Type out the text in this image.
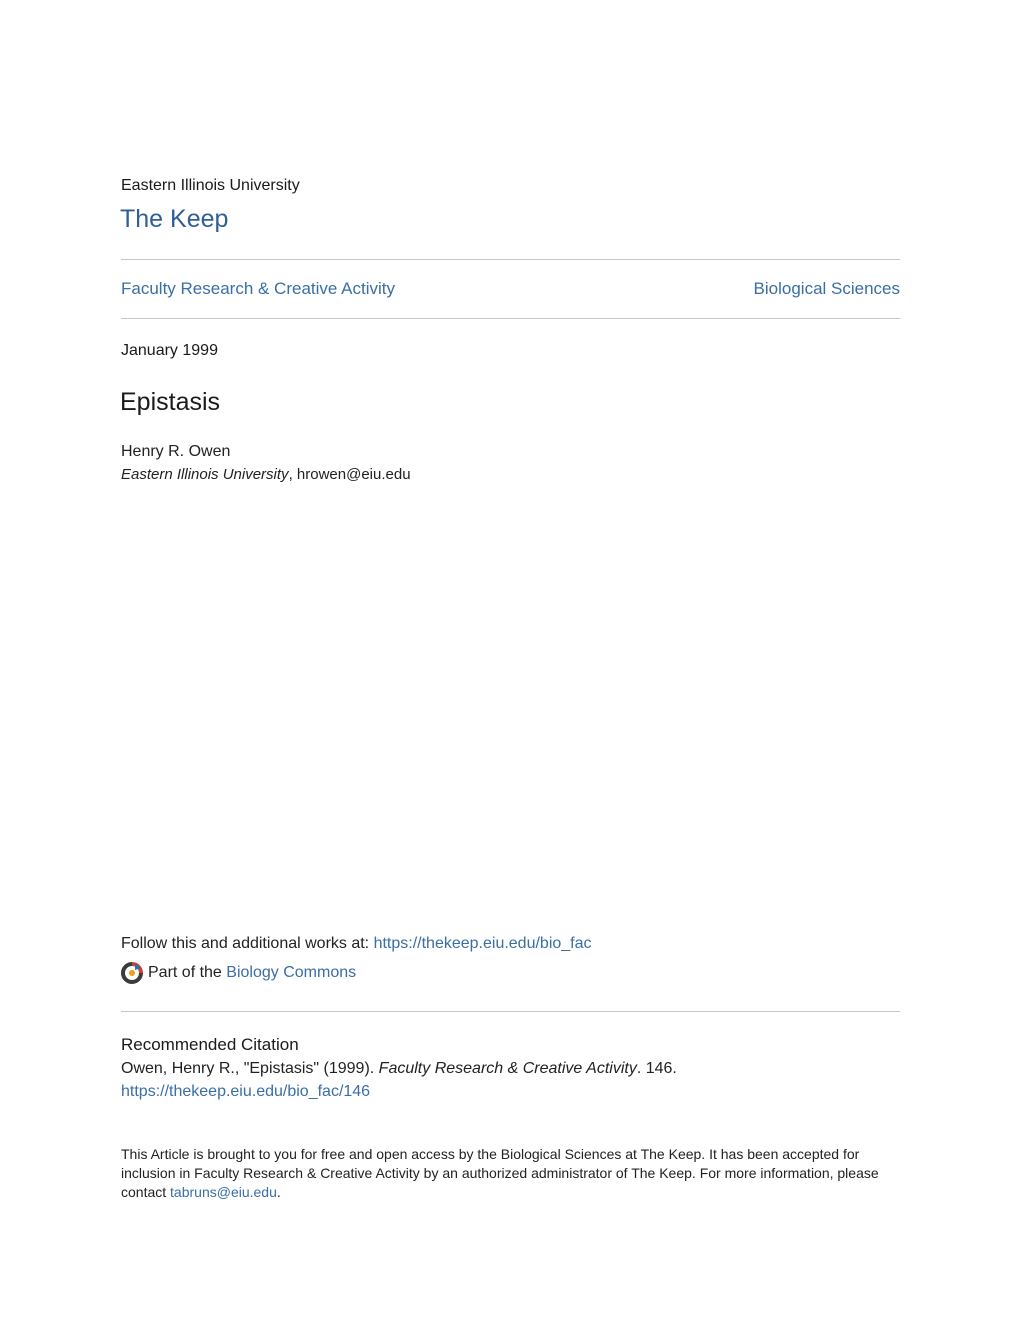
Eastern Illinois University
The Keep
Faculty Research & Creative Activity	Biological Sciences
January 1999
Epistasis
Henry R. Owen
Eastern Illinois University, hrowen@eiu.edu
Follow this and additional works at: https://thekeep.eiu.edu/bio_fac
Part of the
Biology Commons
Recommended Citation
Owen, Henry R., "Epistasis" (1999). Faculty Research & Creative Activity. 146.
https://thekeep.eiu.edu/bio_fac/146
This Article is brought to you for free and open access by the Biological Sciences at The Keep. It has been accepted for inclusion in Faculty Research & Creative Activity by an authorized administrator of The Keep. For more information, please contact tabruns@eiu.edu.
